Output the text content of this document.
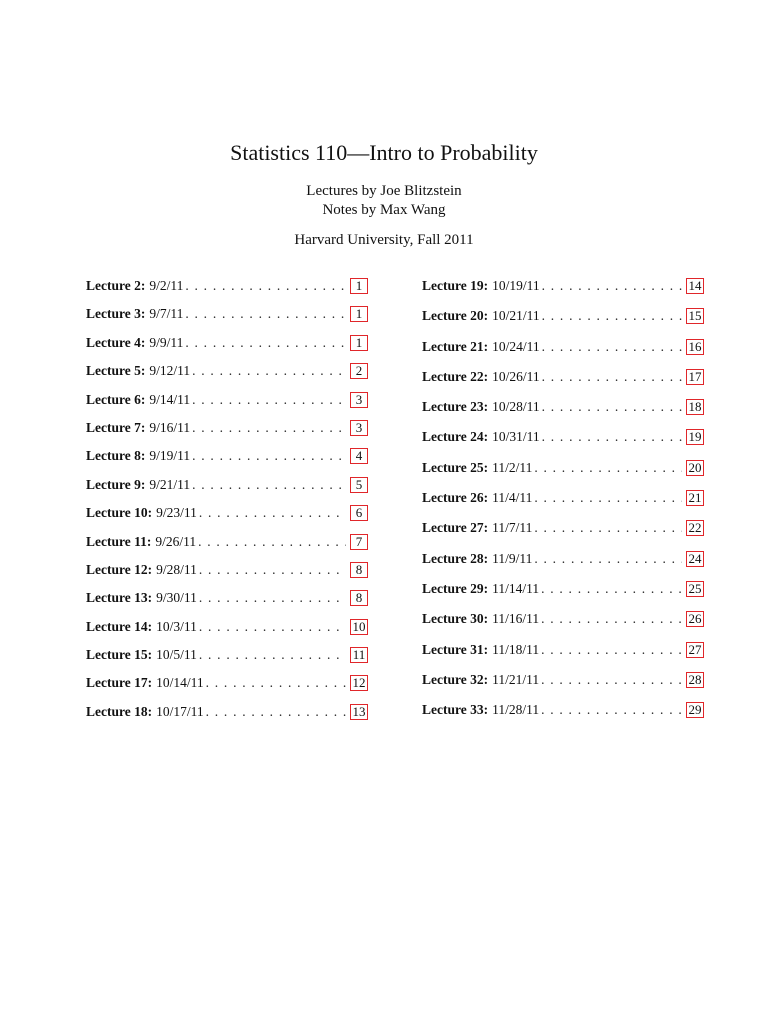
Statistics 110—Intro to Probability

Lectures by Joe Blitzstein

Notes by Max Wang

Harvard University, Fall 2011

Lecture 2: 9/2/11 . . .	1
Lecture 3: 9/7/11 . . .	1
Lecture 4: 9/9/11 . . .	1
Lecture 5: 9/12/11 . . .	2
Lecture 6: 9/14/11 . . .	3
Lecture 7: 9/16/11 . . .	3
Lecture 8: 9/19/11 . . .	4
Lecture 9: 9/21/11 . . .	5
Lecture 10: 9/23/11 . . .	6
Lecture 11: 9/26/11 . . .	7
Lecture 12: 9/28/11 . . .	8
Lecture 13: 9/30/11 . . .	8
Lecture 14: 10/3/11 . . .	10
Lecture 15: 10/5/11 . . .	11
Lecture 17: 10/14/11 . . .	12
Lecture 18: 10/17/11 . . .	13
Lecture 19: 10/19/11 . . .	14
Lecture 20: 10/21/11 . . .	15
Lecture 21: 10/24/11 . . .	16
Lecture 22: 10/26/11 . . .	17
Lecture 23: 10/28/11 . . .	18
Lecture 24: 10/31/11 . . .	19
Lecture 25: 11/2/11 . . .	20
Lecture 26: 11/4/11 . . .	21
Lecture 27: 11/7/11 . . .	22
Lecture 28: 11/9/11 . . .	24
Lecture 29: 11/14/11 . . .	25
Lecture 30: 11/16/11 . . .	26
Lecture 31: 11/18/11 . . .	27
Lecture 32: 11/21/11 . . .	28
Lecture 33: 11/28/11 . . .	29
